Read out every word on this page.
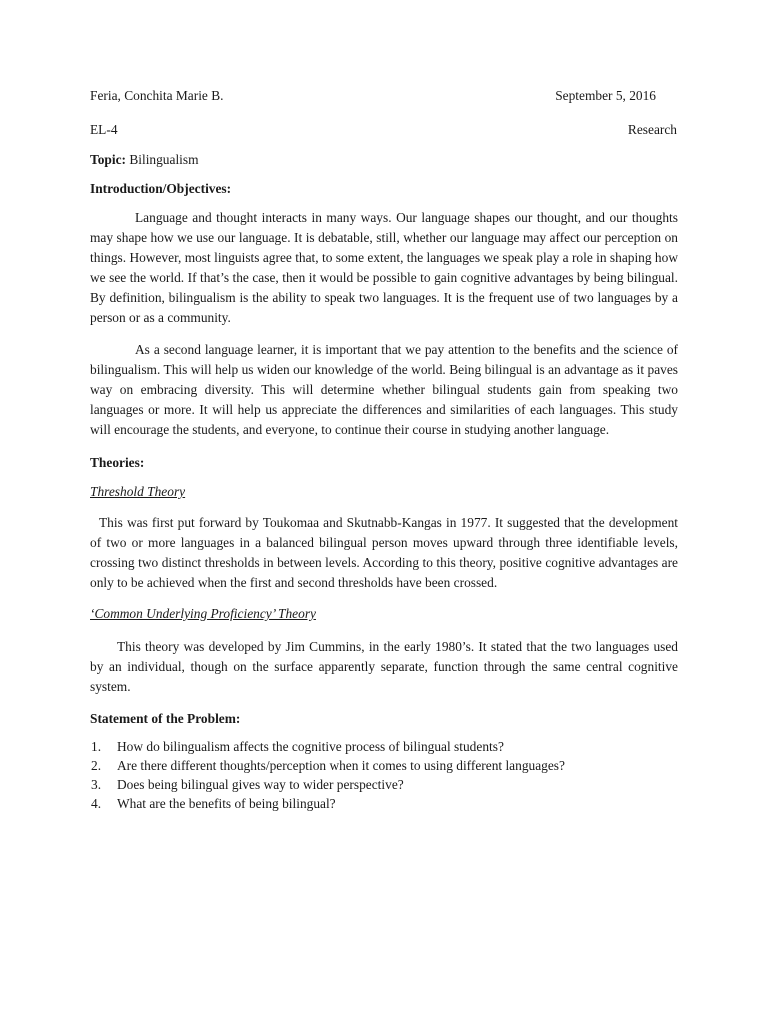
Feria, Conchita Marie B.	September 5, 2016
EL-4	Research
Topic: Bilingualism
Introduction/Objectives:

Language and thought interacts in many ways. Our language shapes our thought, and our thoughts may shape how we use our language. It is debatable, still, whether our language may affect our perception on things. However, most linguists agree that, to some extent, the languages we speak play a role in shaping how we see the world. If that’s the case, then it would be possible to gain cognitive advantages by being bilingual. By definition, bilingualism is the ability to speak two languages. It is the frequent use of two languages by a person or as a community.

As a second language learner, it is important that we pay attention to the benefits and the science of bilingualism. This will help us widen our knowledge of the world. Being bilingual is an advantage as it paves way on embracing diversity. This will determine whether bilingual students gain from speaking two languages or more. It will help us appreciate the differences and similarities of each languages. This study will encourage the students, and everyone, to continue their course in studying another language.

Theories:
Threshold Theory

This was first put forward by Toukomaa and Skutnabb-Kangas in 1977. It suggested that the development of two or more languages in a balanced bilingual person moves upward through three identifiable levels, crossing two distinct thresholds in between levels. According to this theory, positive cognitive advantages are only to be achieved when the first and second thresholds have been crossed.

‘Common Underlying Proficiency’ Theory

This theory was developed by Jim Cummins, in the early 1980’s. It stated that the two languages used by an individual, though on the surface apparently separate, function through the same central cognitive system.

Statement of the Problem:
1.	How do bilingualism affects the cognitive process of bilingual students?
2.	Are there different thoughts/perception when it comes to using different languages?
3.	Does being bilingual gives way to wider perspective?
4.	What are the benefits of being bilingual?
